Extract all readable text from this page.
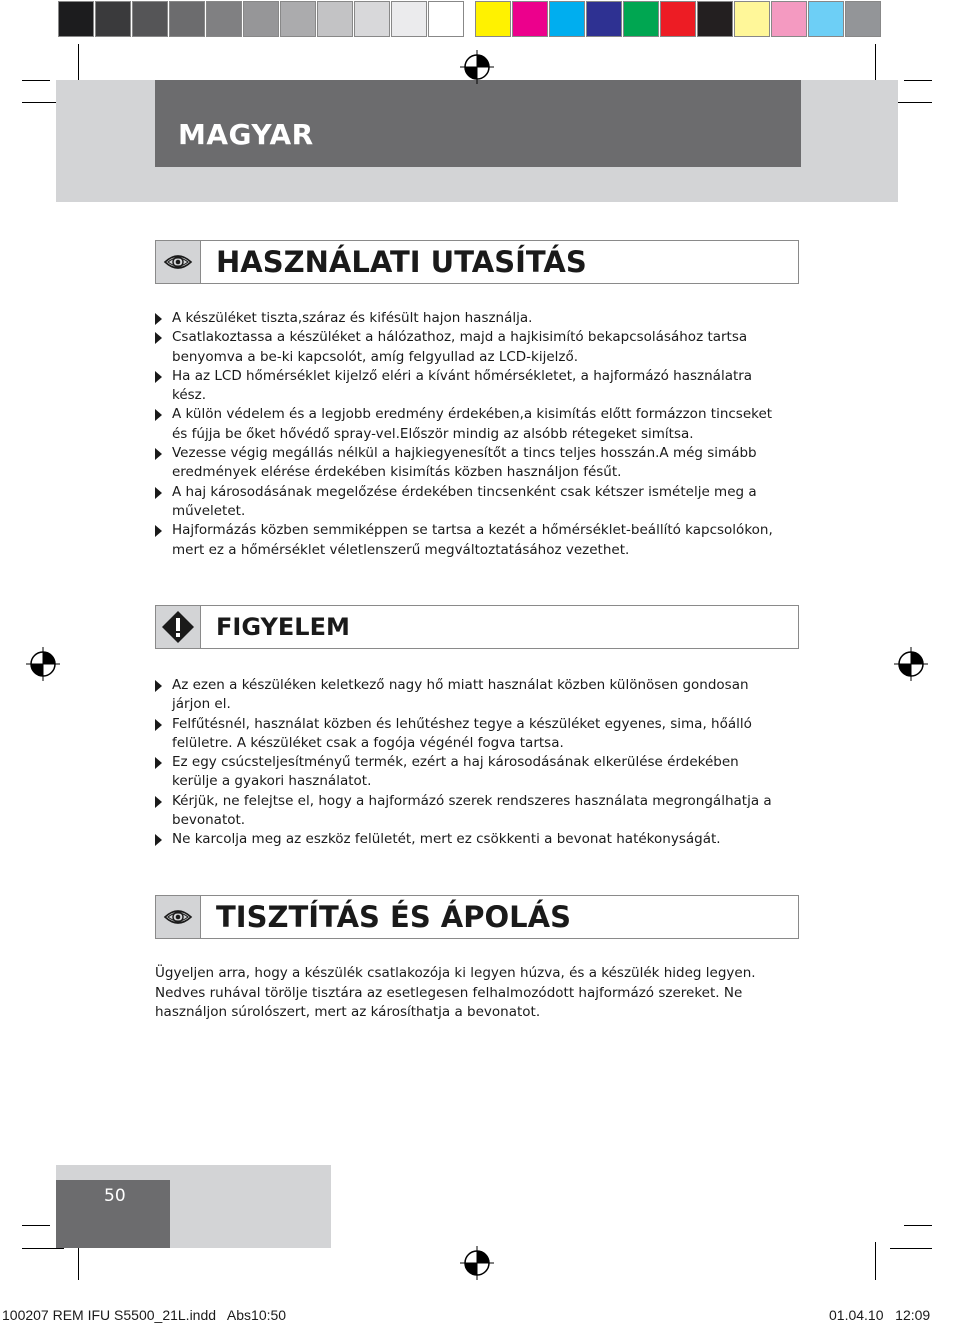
MAGYAR
HASZNÁLATI UTASÍTÁS
A készüléket tiszta,száraz és kifésült hajon használja.
Csatlakoztassa a készüléket a hálózathoz, majd a hajkisimító bekapcsolásához tartsa benyomva a be-ki kapcsolót, amíg felgyullad az LCD-kijelző.
Ha az LCD hőmérséklet kijelző eléri a kívánt hőmérsékletet, a hajformázó használatra kész.
A külön védelem és a legjobb eredmény érdekében,a kisimítás előtt formázzon tincseket és fújja be őket hővédő spray-vel.Először mindig az alsóbb rétegeket simítsa.
Vezesse végig megállás nélkül a hajkiegyenesítőt a tincs teljes hosszán.A még simább eredmények elérése érdekében kisimítás közben használjon fésűt.
A haj károsodásának megelőzése érdekében tincsenként csak kétszer ismételje meg a műveletet.
Hajformázás közben semmiképpen se tartsa a kezét a hőmérséklet-beállító kapcsolókon, mert ez a hőmérséklet véletlenszerű megváltoztatásához vezethet.
FIGYELEM
Az ezen a készüléken keletkező nagy hő miatt használat közben különösen gondosan járjon el.
Felfűtésnél, használat közben és lehűtéshez tegye a készüléket egyenes, sima, hőálló felületre. A készüléket csak a fogója végénél fogva tartsa.
Ez egy csúcsteljesítményű termék, ezért a haj károsodásának elkerülése érdekében kerülje a gyakori használatot.
Kérjük, ne felejtse el, hogy a hajformázó szerek rendszeres használata megrongálhatja a bevonatot.
Ne karcolja meg az eszköz felületét, mert ez csökkenti a bevonat hatékonyságát.
TISZTÍTÁS ÉS ÁPOLÁS

Ügyeljen arra, hogy a készülék csatlakozója ki legyen húzva, és a készülék hideg legyen. Nedves ruhával törölje tisztára az esetlegesen felhalmozódott hajformázó szereket. Ne használjon súrolószert, mert az károsíthatja a bevonatot.

50
100207 REM IFU S5500_21L.indd   Abs10:50	01.04.10   12:09
